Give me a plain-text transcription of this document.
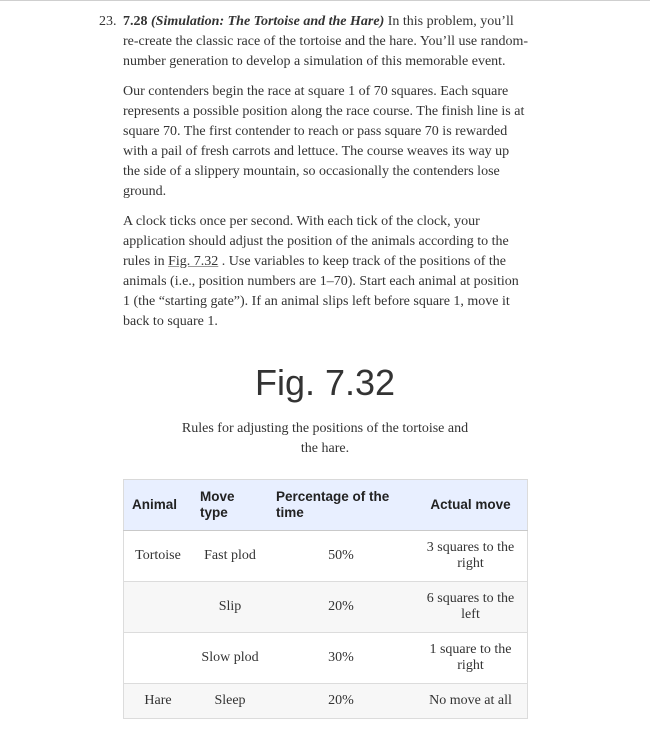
23. 7.28 (Simulation: The Tortoise and the Hare) In this problem, you’ll re-create the classic race of the tortoise and the hare. You’ll use random-number generation to develop a simulation of this memorable event.

Our contenders begin the race at square 1 of 70 squares. Each square represents a possible position along the race course. The finish line is at square 70. The first contender to reach or pass square 70 is rewarded with a pail of fresh carrots and lettuce. The course weaves its way up the side of a slippery mountain, so occasionally the contenders lose ground.

A clock ticks once per second. With each tick of the clock, your application should adjust the position of the animals according to the rules in Fig. 7.32 . Use variables to keep track of the positions of the animals (i.e., position numbers are 1–70). Start each animal at position 1 (the “starting gate”). If an animal slips left before square 1, move it back to square 1.

Fig. 7.32
Rules for adjusting the positions of the tortoise and the hare.
Animal	Move type	Percentage of the time	Actual move
Tortoise	Fast plod	50%	3 squares to the right
	Slip	20%	6 squares to the left
	Slow plod	30%	1 square to the right
Hare	Sleep	20%	No move at all
